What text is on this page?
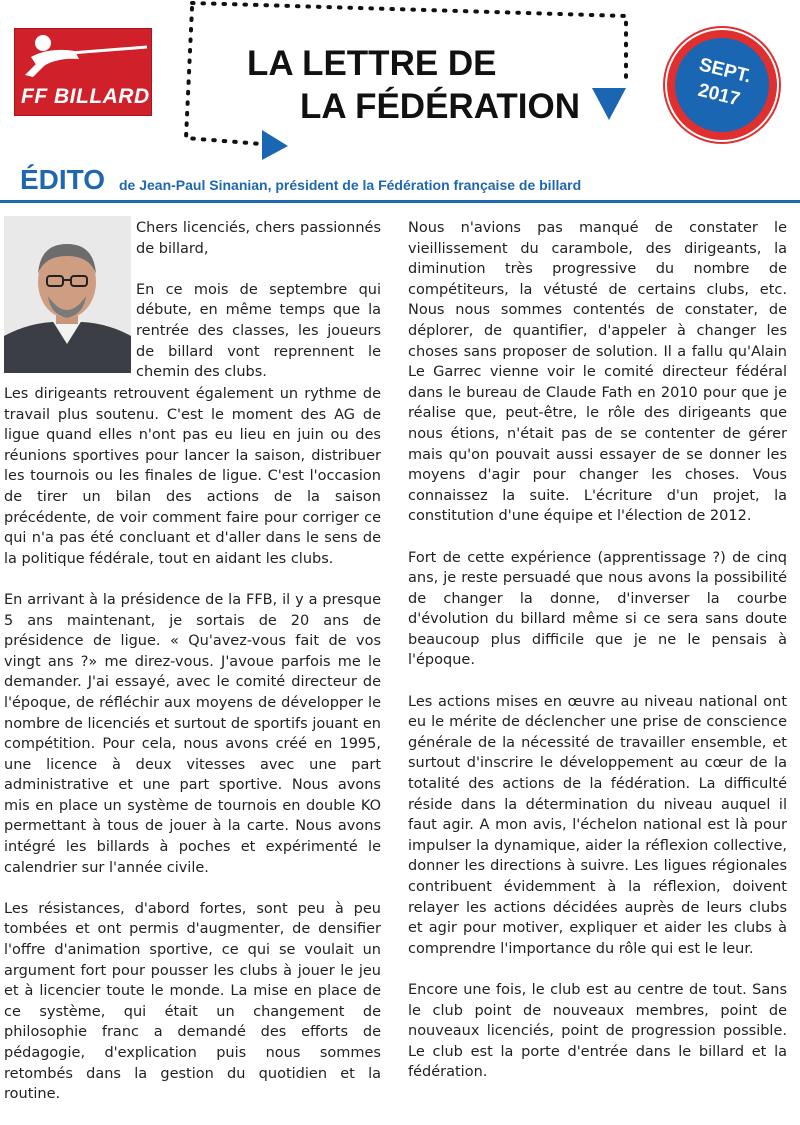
FF BILLARD
LA LETTRE DE
LA FÉDÉRATION
SEPT.
2017
ÉDITO de Jean-Paul Sinanian, président de la Fédération française de billard

Chers licenciés, chers passionnés de billard,

En ce mois de septembre qui débute, en même temps que la rentrée des classes, les joueurs de billard vont reprennent le chemin des clubs.

Les dirigeants retrouvent également un rythme de travail plus soutenu. C'est le moment des AG de ligue quand elles n'ont pas eu lieu en juin ou des réunions sportives pour lancer la saison, distribuer les tournois ou les finales de ligue. C'est l'occasion de tirer un bilan des actions de la saison précédente, de voir comment faire pour corriger ce qui n'a pas été concluant et d'aller dans le sens de la politique fédérale, tout en aidant les clubs.

En arrivant à la présidence de la FFB, il y a presque 5 ans maintenant, je sortais de 20 ans de présidence de ligue. « Qu'avez-vous fait de vos vingt ans ?» me direz-vous. J'avoue parfois me le demander. J'ai essayé, avec le comité directeur de l'époque, de réfléchir aux moyens de développer le nombre de licenciés et surtout de sportifs jouant en compétition. Pour cela, nous avons créé en 1995, une licence à deux vitesses avec une part administrative et une part sportive. Nous avons mis en place un système de tournois en double KO permettant à tous de jouer à la carte. Nous avons intégré les billards à poches et expérimenté le calendrier sur l'année civile.

Les résistances, d'abord fortes, sont peu à peu tombées et ont permis d'augmenter, de densifier l'offre d'animation sportive, ce qui se voulait un argument fort pour pousser les clubs à jouer le jeu et à licencier toute le monde. La mise en place de ce système, qui était un changement de philosophie franc a demandé des efforts de pédagogie, d'explication puis nous sommes retombés dans la gestion du quotidien et la routine.

Nous n'avions pas manqué de constater le vieillissement du carambole, des dirigeants, la diminution très progressive du nombre de compétiteurs, la vétusté de certains clubs, etc. Nous nous sommes contentés de constater, de déplorer, de quantifier, d'appeler à changer les choses sans proposer de solution. Il a fallu qu'Alain Le Garrec vienne voir le comité directeur fédéral dans le bureau de Claude Fath en 2010 pour que je réalise que, peut-être, le rôle des dirigeants que nous étions, n'était pas de se contenter de gérer mais qu'on pouvait aussi essayer de se donner les moyens d'agir pour changer les choses. Vous connaissez la suite. L'écriture d'un projet, la constitution d'une équipe et l'élection de 2012.

Fort de cette expérience (apprentissage ?) de cinq ans, je reste persuadé que nous avons la possibilité de changer la donne, d'inverser la courbe d'évolution du billard même si ce sera sans doute beaucoup plus difficile que je ne le pensais à l'époque.

Les actions mises en œuvre au niveau national ont eu le mérite de déclencher une prise de conscience générale de la nécessité de travailler ensemble, et surtout d'inscrire le développement au cœur de la totalité des actions de la fédération. La difficulté réside dans la détermination du niveau auquel il faut agir. A mon avis, l'échelon national est là pour impulser la dynamique, aider la réflexion collective, donner les directions à suivre. Les ligues régionales contribuent évidemment à la réflexion, doivent relayer les actions décidées auprès de leurs clubs et agir pour motiver, expliquer et aider les clubs à comprendre l'importance du rôle qui est le leur.

Encore une fois, le club est au centre de tout. Sans le club point de nouveaux membres, point de nouveaux licenciés, point de progression possible. Le club est la porte d'entrée dans le billard et la fédération.
